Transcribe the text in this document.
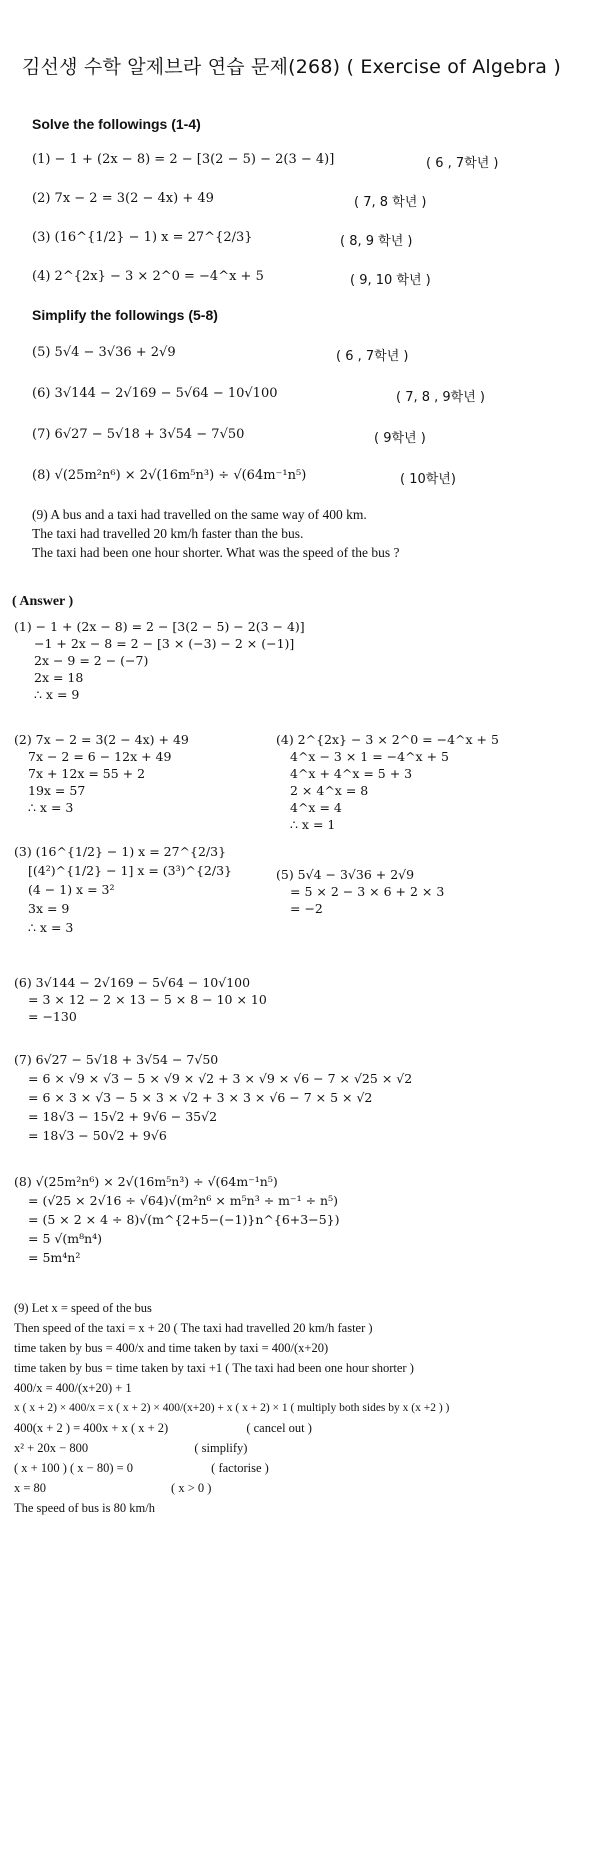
김선생 수학 알제브라 연습 문제(268) ( Exercise of Algebra )
Solve the followings (1-4)
(1) − 1 + (2x − 8) = 2 − [3(2 − 5) − 2(3 − 4)]	( 6 , 7학년 )
(2) 7x − 2 = 3(2 − 4x) + 49	( 7, 8 학년 )
(3) (16^{1/2} − 1) x = 27^{2/3}	( 8, 9 학년 )
(4) 2^{2x} − 3 × 2^0 = −4^x + 5	( 9, 10 학년 )
Simplify the followings (5-8)
(5) 5√4 − 3√36 + 2√9	( 6 , 7학년 )
(6) 3√144 − 2√169 − 5√64 − 10√100	( 7, 8 , 9학년 )
(7) 6√27 − 5√18 + 3√54 − 7√50	( 9학년 )
(8) √(25m²n⁶) × 2√(16m⁵n³) ÷ √(64m⁻¹n⁵)	( 10학년)
(9) A bus and a taxi had travelled on the same way of 400 km.
The taxi had travelled 20 km/h faster than the bus.
The taxi had been one hour shorter. What was the speed of the bus ?
( Answer )
(1) − 1 + (2x − 8) = 2 − [3(2 − 5) − 2(3 − 4)]
−1 + 2x − 8 = 2 − [3 × (−3) − 2 × (−1)]
2x − 9 = 2 − (−7)
2x = 18
∴ x = 9
(2) 7x − 2 = 3(2 − 4x) + 49
7x − 2 = 6 − 12x + 49
7x + 12x = 55 + 2
19x = 57
∴ x = 3
(4) 2^{2x} − 3 × 2^0 = −4^x + 5
4^x − 3 × 1 = −4^x + 5
4^x + 4^x = 5 + 3
2 × 4^x = 8
4^x = 4
∴ x = 1
(3) (16^{1/2} − 1) x = 27^{2/3}
[(4²)^{1/2} − 1] x = (3³)^{2/3}
(4 − 1) x = 3²
3x = 9
∴ x = 3
(5) 5√4 − 3√36 + 2√9
= 5 × 2 − 3 × 6 + 2 × 3
= −2
(6) 3√144 − 2√169 − 5√64 − 10√100
= 3 × 12 − 2 × 13 − 5 × 8 − 10 × 10
= −130
(7) 6√27 − 5√18 + 3√54 − 7√50
= 6 × √9 × √3 − 5 × √9 × √2 + 3 × √9 × √6 − 7 × √25 × √2
= 6 × 3 × √3 − 5 × 3 × √2 + 3 × 3 × √6 − 7 × 5 × √2
= 18√3 − 15√2 + 9√6 − 35√2
= 18√3 − 50√2 + 9√6
(8) √(25m²n⁶) × 2√(16m⁵n³) ÷ √(64m⁻¹n⁵)
= (√25 × 2√16 ÷ √64)√(m²n⁶ × m⁵n³ ÷ m⁻¹ ÷ n⁵)
= (5 × 2 × 4 ÷ 8)√(m^{2+5−(−1)}n^{6+3−5})
= 5 √(m⁸n⁴)
= 5m⁴n²
(9) Let x = speed of the bus
Then speed of the taxi = x + 20 ( The taxi had travelled 20 km/h faster )
time taken by bus = 400/x and time taken by taxi = 400/(x+20)
time taken by bus = time taken by taxi +1 ( The taxi had been one hour shorter )
400/x = 400/(x+20) + 1
x ( x + 2) × 400/x = x ( x + 2) × 400/(x+20) + x ( x + 2) × 1 ( multiply both sides by x (x +2 ) )
400(x + 2 ) = 400x + x ( x + 2)                         ( cancel out )
x² + 20x − 800                                  ( simplify)
( x + 100 ) ( x − 80) = 0                         ( factorise )
x = 80                                        ( x > 0 )
The speed of bus is 80 km/h
